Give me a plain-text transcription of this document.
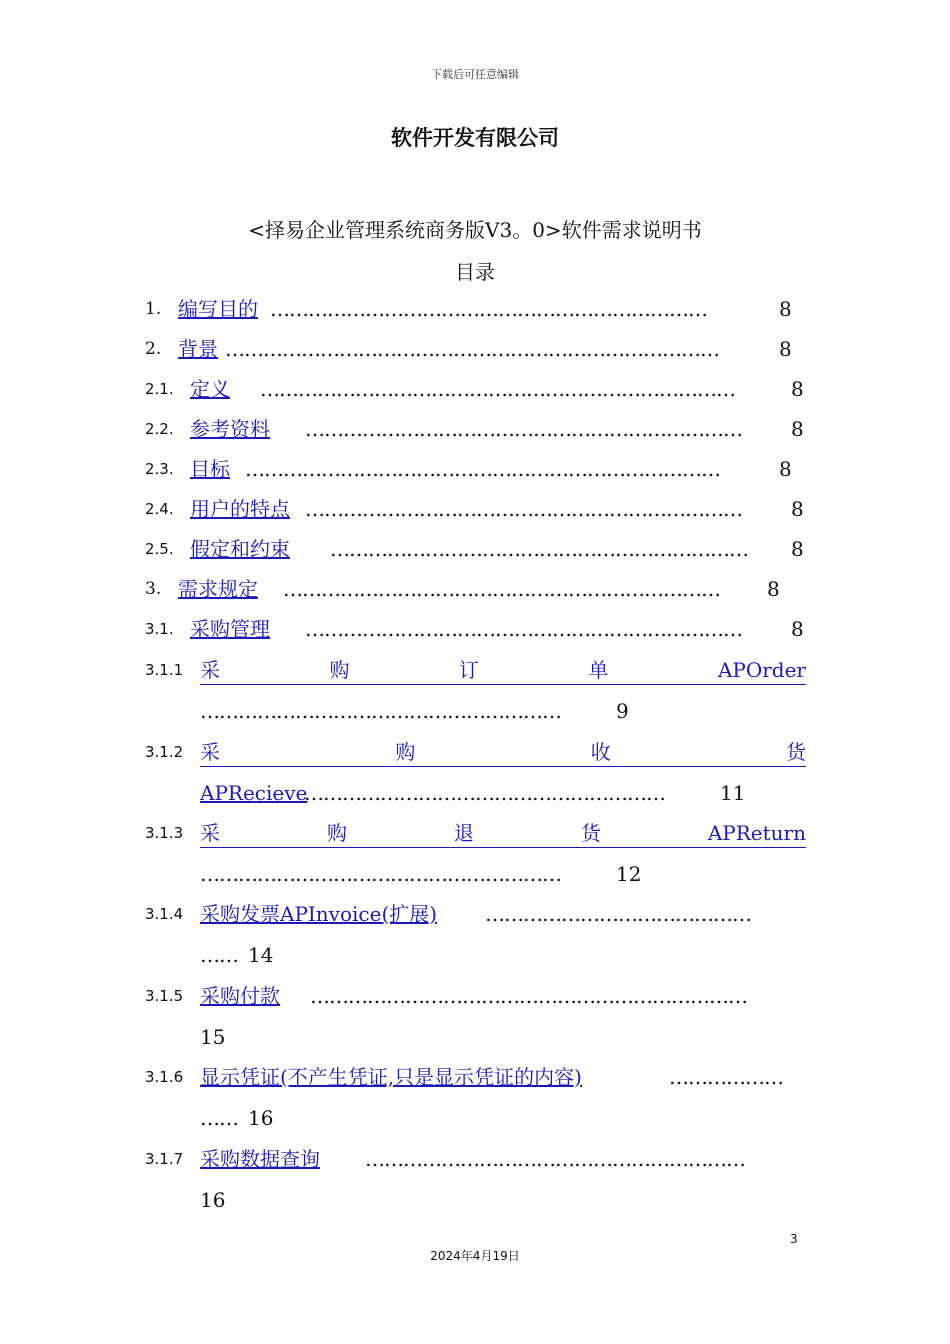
下载后可任意编辑
软件开发有限公司
<择易企业管理系统商务版V3。0>软件需求说明书
目录
1. 编写目的 ……………………………………………………………	8
2. 背景 ……………………………………………………………………	8
2.1. 定义 …………………………………………………………………	8
2.2. 参考资料 ……………………………………………………………	8
2.3. 目标 …………………………………………………………………	8
2.4. 用户的特点 ……………………………………………………………	8
2.5. 假定和约束 …………………………………………………………	8
3. 需求规定 ……………………………………………………………	8
3.1. 采购管理 ……………………………………………………………	8
3.1.1 采	购	订	单	APOrder
…………………………………………………	9
3.1.2 采	购	收	货
APRecieve
…………………………………………………	11
3.1.3 采	购	退	货	APReturn
…………………………………………………	12
3.1.4 采购发票APInvoice(扩展) ……………………………………
…… 14
3.1.5 采购付款 ……………………………………………………………
15
3.1.6 显示凭证(不产生凭证,只是显示凭证的内容)	………………
…… 16
3.1.7 采购数据查询 ……………………………………………………
16
3
2024年4月19日
